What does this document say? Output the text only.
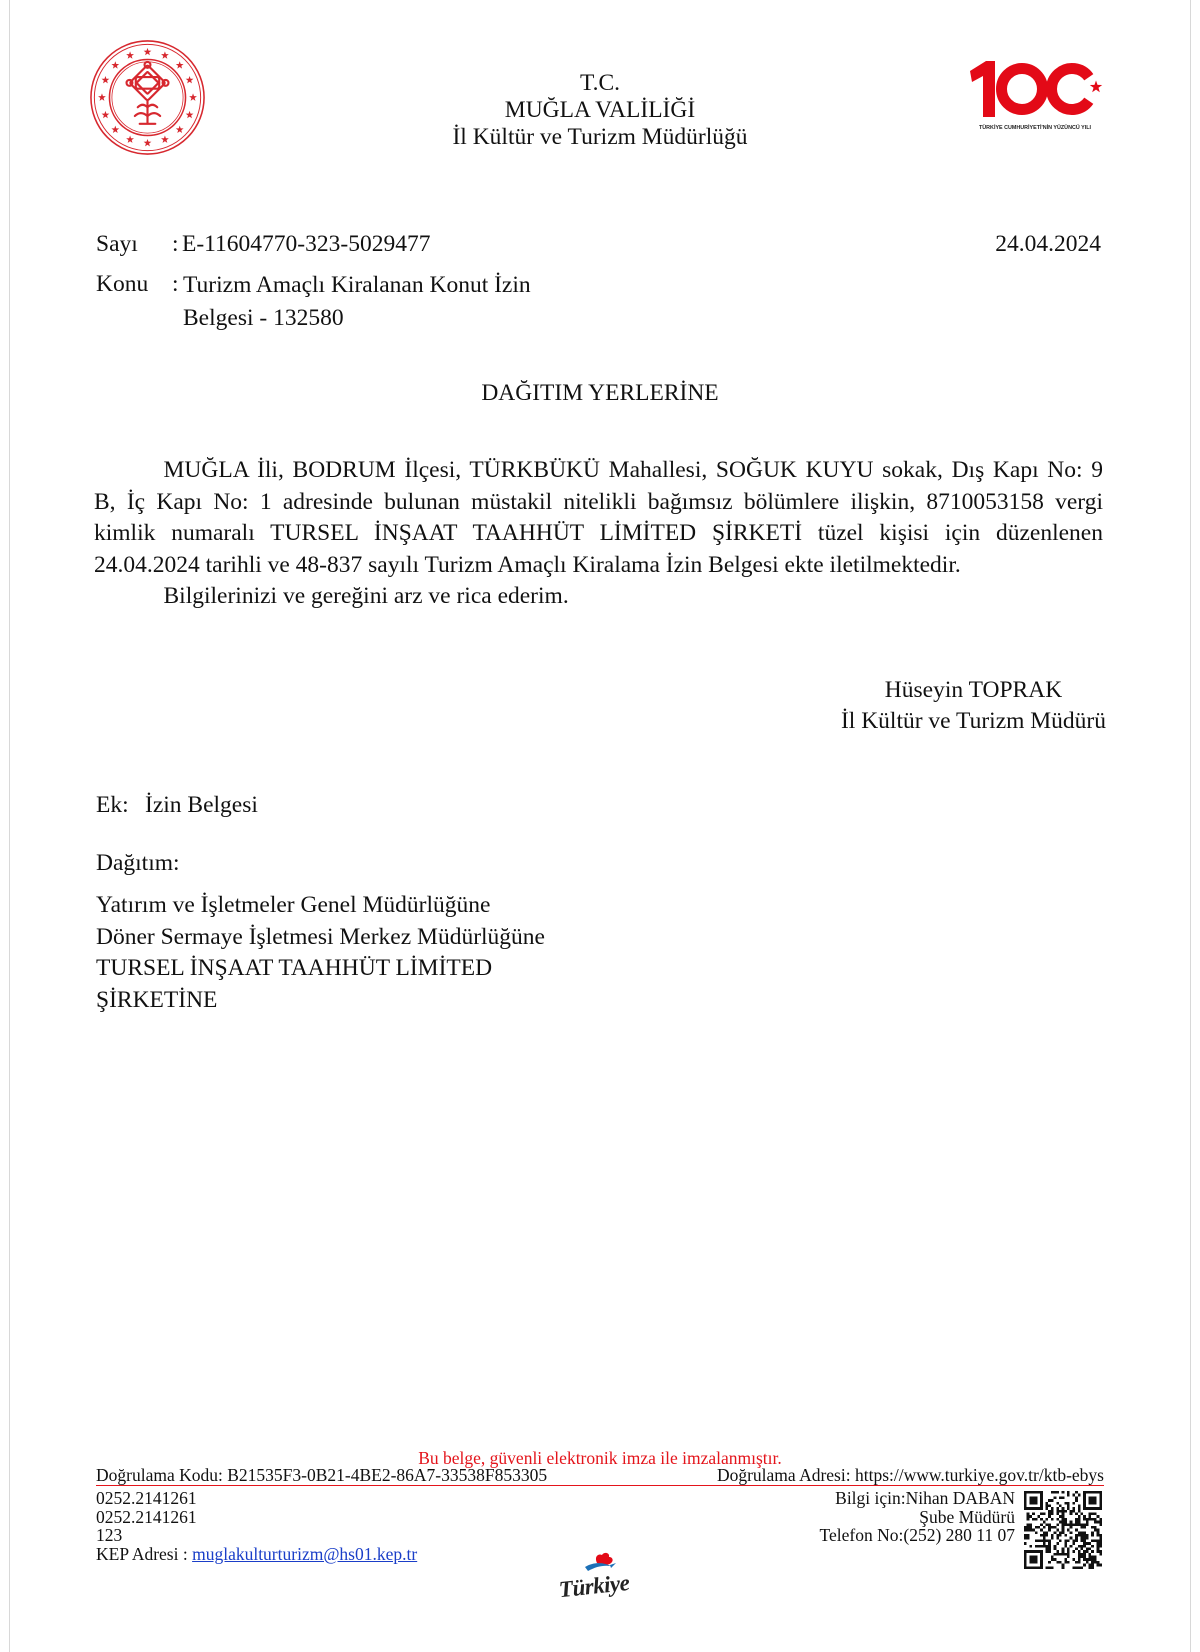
TÜRKİYE CUMHURİYETİ'NİN YÜZÜNCÜ YILI
T.C.
MUĞLA VALİLİĞİ
İl Kültür ve Turizm Müdürlüğü
Sayı : E-11604770-323-5029477	24.04.2024
Konu : Turizm Amaçlı Kiralanan Konut İzin
Belgesi - 132580
DAĞITIM YERLERİNE
MUĞLA İli, BODRUM İlçesi, TÜRKBÜKÜ Mahallesi, SOĞUK KUYU sokak, Dış Kapı No: 9
B, İç Kapı No: 1 adresinde bulunan müstakil nitelikli bağımsız bölümlere ilişkin, 8710053158 vergi
kimlik numaralı TURSEL İNŞAAT TAAHHÜT LİMİTED ŞİRKETİ tüzel kişisi için düzenlenen
24.04.2024 tarihli ve 48-837 sayılı Turizm Amaçlı Kiralama İzin Belgesi ekte iletilmektedir.
Bilgilerinizi ve gereğini arz ve rica ederim.
Hüseyin TOPRAK
İl Kültür ve Turizm Müdürü
Ek: İzin Belgesi
Dağıtım:
Yatırım ve İşletmeler Genel Müdürlüğüne
Döner Sermaye İşletmesi Merkez Müdürlüğüne
TURSEL İNŞAAT TAAHHÜT LİMİTED
ŞİRKETİNE
Bu belge, güvenli elektronik imza ile imzalanmıştır.
Doğrulama Kodu: B21535F3-0B21-4BE2-86A7-33538F853305	Doğrulama Adresi: https://www.turkiye.gov.tr/ktb-ebys
0252.2141261
0252.2141261
123
KEP Adresi : muglakulturturizm@hs01.kep.tr
Bilgi için:Nihan DABAN
Şube Müdürü
Telefon No:(252) 280 11 07
Türkiye
